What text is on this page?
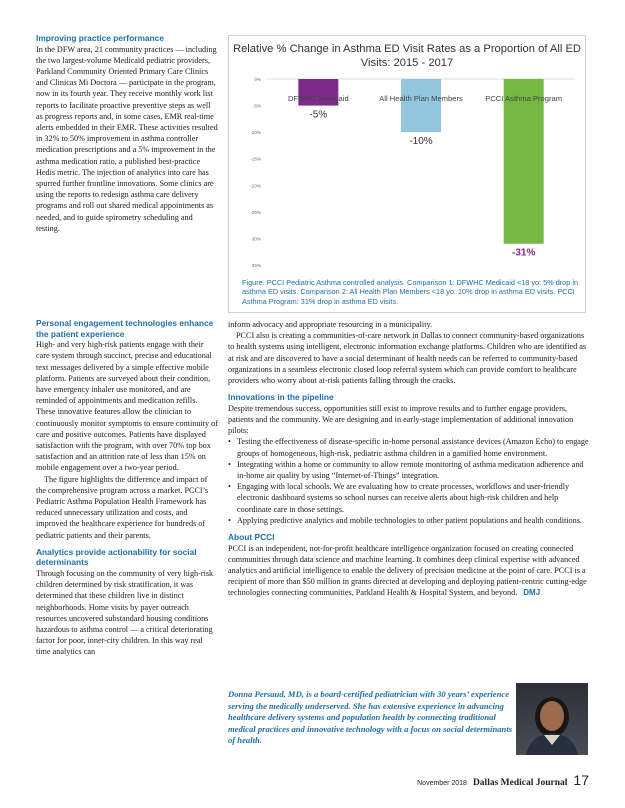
Improving practice performance

In the DFW area, 21 community practices — including the two largest-volume Medicaid pediatric providers, Parkland Community Oriented Primary Care Clinics and Clinicas Mi Doctora — participate in the program, now in its fourth year. They receive monthly work list reports to facilitate proactive preventive steps as well as progress reports and, in some cases, EMR real-time alerts embedded in their EMR. These activities resulted in 32% to 50% improvement in asthma controller medication prescriptions and a 5% improvement in the asthma medication ratio, a published best-practice Hedis metric. The injection of analytics into care has spurred further frontline innovations. Some clinics are using the reports to redesign asthma care delivery programs and roll out shared medical appointments as needed, and to guide spirometry scheduling and testing.

Personal engagement technologies enhance the patient experience

High- and very high-risk patients engage with their care system through succinct, precise and educational text messages delivered by a simple effective mobile platform. Patients are surveyed about their condition, have emergency inhaler use monitored, and are reminded of appointments and medication refills. These innovative features allow the clinician to continuously monitor symptoms to ensure continuity of care and positive outcomes. Patients have displayed satisfaction with the program, with over 70% top box satisfaction and an attrition rate of less than 15% on mobile engagement over a two-year period.

The figure highlights the difference and impact of the comprehensive program across a market. PCCI’s Pediatric Asthma Population Health Framework has reduced unnecessary utilization and costs, and improved the healthcare experience for hundreds of pediatric patients and their parents.

Analytics provide actionability for social determinants

Through focusing on the community of very high-risk children determined by risk stratification, it was determined that these children live in distinct neighborhoods. Home visits by payer outreach resources uncovered substandard housing conditions hazardous to asthma control — a critical deteriorating factor for poor, inner-city children. In this way real time analytics can

Relative % Change in Asthma ED Visit Rates as a Proportion of All ED Visits: 2015 - 2017
0%
-5%
-10%
-15%
-20%
-25%
-30%
-35%
DFWHC Medicaid
-5%
All Health Plan Members
-10%
PCCI Asthma Program
-31%
Figure. PCCI Pediatric Asthma controlled analysis. Comparison 1: DFWHC Medicaid <18 yo: 5% drop in asthma ED visits. Comparison 2: All Health Plan Members <18 yo: 10% drop in asthma ED visits. PCCI Asthma Program: 31% drop in asthma ED visits.

inform advocacy and appropriate resourcing in a municipality.

PCCI also is creating a communities-of-care network in Dallas to connect community-based organizations to health systems using intelligent, electronic information exchange platforms. Children who are identified as at risk and are discovered to have a social determinant of health needs can be referred to community-based organizations in a seamless electronic closed loop referral system which can provide comfort to healthcare providers who worry about at-risk patients falling through the cracks.

Innovations in the pipeline

Despite tremendous success, opportunities still exist to improve results and to further engage providers, patients and the community. We are designing and in early-stage implementation of additional innovation pilots:

• Testing the effectiveness of disease-specific in-home personal assistance devices (Amazon Echo) to engage groups of homogeneous, high-risk, pediatric asthma children in a gamified home environment.
• Integrating within a home or community to allow remote monitoring of asthma medication adherence and in-home air quality by using “Internet-of-Things” integration.
• Engaging with local schools. We are evaluating how to create processes, workflows and user-friendly electronic dashboard systems so school nurses can receive alerts about high-risk children and help coordinate care in those settings.
• Applying predictive analytics and mobile technologies to other patient populations and health conditions.
About PCCI

PCCI is an independent, not-for-profit healthcare intelligence organization focused on creating connected communities through data science and machine learning. It combines deep clinical expertise with advanced analytics and artificial intelligence to enable the delivery of precision medicine at the point of care. PCCI is a recipient of more than $50 million in grants directed at developing and deploying patient-centric cutting-edge technologies connecting communities, Parkland Health & Hospital System, and beyond. DMJ

Donna Persaud, MD, is a board-certified pediatrician with 30 years’ experience serving the medically underserved. She has extensive experience in advancing healthcare delivery systems and population health by connecting traditional medical practices and innovative technology with a focus on social determinants of health.
November 2018 Dallas Medical Journal 17
